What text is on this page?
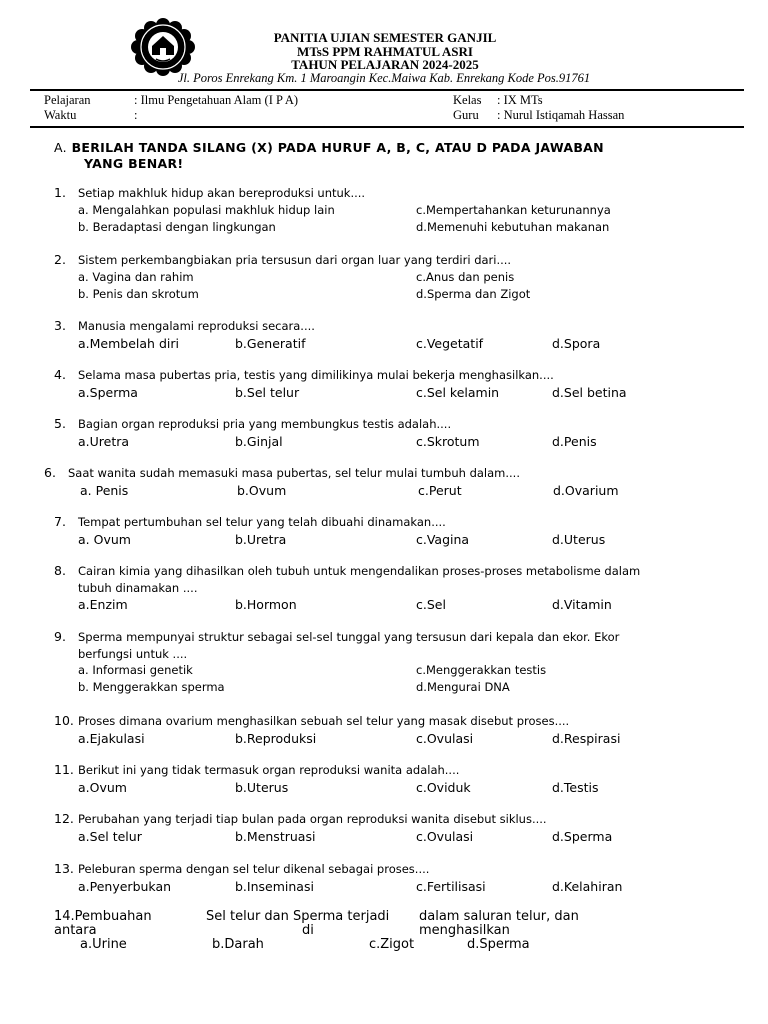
PANITIA UJIAN SEMESTER GANJIL
MTsS PPM RAHMATUL ASRI
TAHUN PELAJARAN 2024-2025
Jl. Poros Enrekang Km. 1 Maroangin Kec.Maiwa Kab. Enrekang Kode Pos.91761
Pelajaran	: Ilmu Pengetahuan Alam (I P A)	Kelas : IX MTs
Waktu	:	Guru : Nurul Istiqamah Hassan
A. BERILAH TANDA SILANG (X) PADA HURUF A, B, C, ATAU D PADA JAWABAN
YANG BENAR!
1. Setiap makhluk hidup akan bereproduksi untuk....
a. Mengalahkan populasi makhluk hidup lain	c.Mempertahankan keturunannya
b. Beradaptasi dengan lingkungan	d.Memenuhi kebutuhan makanan
2. Sistem perkembangbiakan pria tersusun dari organ luar yang terdiri dari....
a. Vagina dan rahim	c.Anus dan penis
b. Penis dan skrotum	d.Sperma dan Zigot
3. Manusia mengalami reproduksi secara....
a.Membelah diri	b.Generatif	c.Vegetatif	d.Spora
4. Selama masa pubertas pria, testis yang dimilikinya mulai bekerja menghasilkan....
a.Sperma	b.Sel telur	c.Sel kelamin	d.Sel betina
5. Bagian organ reproduksi pria yang membungkus testis adalah....
a.Uretra	b.Ginjal	c.Skrotum	d.Penis
6. Saat wanita sudah memasuki masa pubertas, sel telur mulai tumbuh dalam....
a. Penis	b.Ovum	c.Perut	d.Ovarium
7. Tempat pertumbuhan sel telur yang telah dibuahi dinamakan....
a. Ovum	b.Uretra	c.Vagina	d.Uterus
8. Cairan kimia yang dihasilkan oleh tubuh untuk mengendalikan proses-proses metabolisme dalam
tubuh dinamakan ....
a.Enzim	b.Hormon	c.Sel	d.Vitamin
9. Sperma mempunyai struktur sebagai sel-sel tunggal yang tersusun dari kepala dan ekor. Ekor
berfungsi untuk ....
a. Informasi genetik	c.Menggerakkan testis
b. Menggerakkan sperma	d.Mengurai DNA
10. Proses dimana ovarium menghasilkan sebuah sel telur yang masak disebut proses....
a.Ejakulasi	b.Reproduksi	c.Ovulasi	d.Respirasi
11. Berikut ini yang tidak termasuk organ reproduksi wanita adalah....
a.Ovum	b.Uterus	c.Oviduk	d.Testis
12. Perubahan yang terjadi tiap bulan pada organ reproduksi wanita disebut siklus....
a.Sel telur	b.Menstruasi	c.Ovulasi	d.Sperma
13. Peleburan sperma dengan sel telur dikenal sebagai proses....
a.Penyerbukan	b.Inseminasi	c.Fertilisasi	d.Kelahiran
14.Pembuahan	Sel telur dan Sperma terjadi dalam saluran telur, dan
antara	di	menghasilkan
a.Urine	b.Darah	c.Zigot	d.Sperma
